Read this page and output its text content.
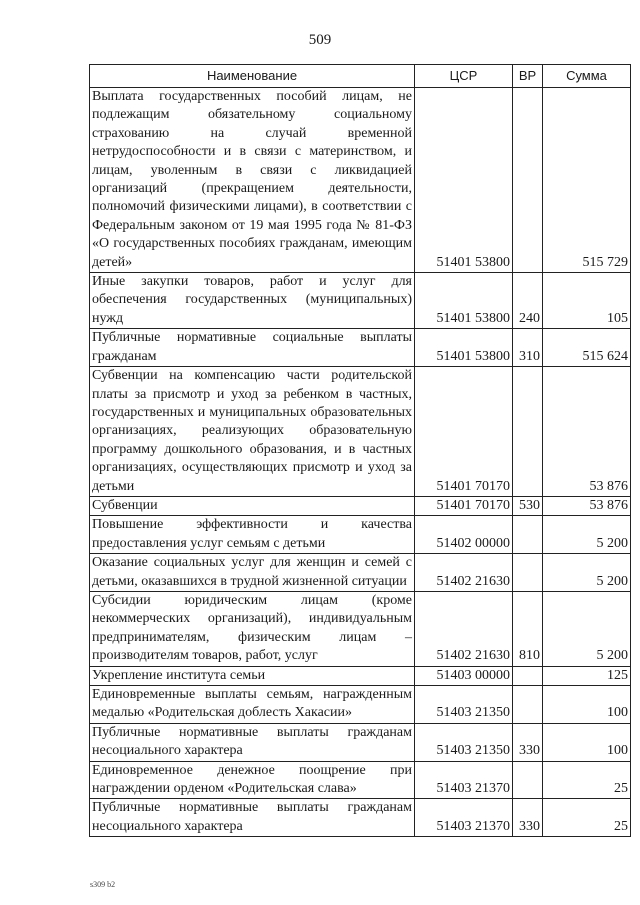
509
Наименование	ЦСР	ВР	Сумма
Выплата государственных пособий лицам, не подлежащим обязательному социальному страхованию на случай временной нетрудоспособности и в связи с материнством, и лицам, уволенным в связи с ликвидацией организаций (прекращением деятельности, полномочий физическими лицами), в соответствии с Федеральным законом от 19 мая 1995 года № 81-ФЗ «О государственных пособиях гражданам, имеющим детей»	51401 53800		515 729
Иные закупки товаров, работ и услуг для обеспечения государственных (муниципальных) нужд	51401 53800	240	105
Публичные нормативные социальные выплаты гражданам	51401 53800	310	515 624
Субвенции на компенсацию части родительской платы за присмотр и уход за ребенком в частных, государственных и муниципальных образовательных организациях, реализующих образовательную программу дошкольного образования, и в частных организациях, осуществляющих присмотр и уход за детьми	51401 70170		53 876
Субвенции	51401 70170	530	53 876
Повышение эффективности и качества предоставления услуг семьям с детьми	51402 00000		5 200
Оказание социальных услуг для женщин и семей с детьми, оказавшихся в трудной жизненной ситуации	51402 21630		5 200
Субсидии юридическим лицам (кроме некоммерческих организаций), индивидуальным предпринимателям, физическим лицам – производителям товаров, работ, услуг	51402 21630	810	5 200
Укрепление института семьи	51403 00000		125
Единовременные выплаты семьям, награжденным медалью «Родительская доблесть Хакасии»	51403 21350		100
Публичные нормативные выплаты гражданам несоциального характера	51403 21350	330	100
Единовременное денежное поощрение при награждении орденом «Родительская слава»	51403 21370		25
Публичные нормативные выплаты гражданам несоциального характера	51403 21370	330	25
s309 b2
